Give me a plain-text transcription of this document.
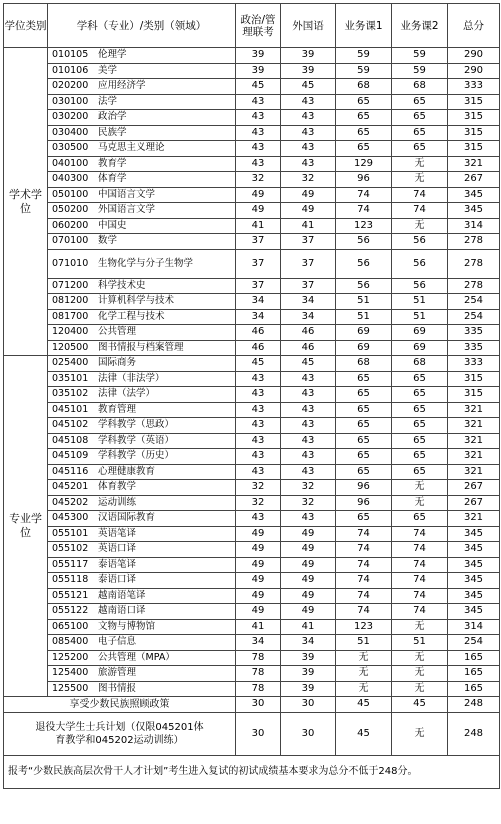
学位类别	学科（专业）/类别（领域）	政治/管理联考	外国语	业务课1	业务课2	总分
学术学位	010105 伦理学	39	39	59	59	290
	010106 美学	39	39	59	59	290
	020200 应用经济学	45	45	68	68	333
	030100 法学	43	43	65	65	315
	030200 政治学	43	43	65	65	315
	030400 民族学	43	43	65	65	315
	030500 马克思主义理论	43	43	65	65	315
	040100 教育学	43	43	129	无	321
	040300 体育学	32	32	96	无	267
	050100 中国语言文学	49	49	74	74	345
	050200 外国语言文学	49	49	74	74	345
	060200 中国史	41	41	123	无	314
	070100 数学	37	37	56	56	278
	071010 生物化学与分子生物学	37	37	56	56	278
	071200 科学技术史	37	37	56	56	278
	081200 计算机科学与技术	34	34	51	51	254
	081700 化学工程与技术	34	34	51	51	254
	120400 公共管理	46	46	69	69	335
	120500 图书情报与档案管理	46	46	69	69	335
专业学位	025400 国际商务	45	45	68	68	333
	035101 法律（非法学）	43	43	65	65	315
	035102 法律（法学）	43	43	65	65	315
	045101 教育管理	43	43	65	65	321
	045102 学科教学（思政）	43	43	65	65	321
	045108 学科教学（英语）	43	43	65	65	321
	045109 学科教学（历史）	43	43	65	65	321
	045116 心理健康教育	43	43	65	65	321
	045201 体育教学	32	32	96	无	267
	045202 运动训练	32	32	96	无	267
	045300 汉语国际教育	43	43	65	65	321
	055101 英语笔译	49	49	74	74	345
	055102 英语口译	49	49	74	74	345
	055117 泰语笔译	49	49	74	74	345
	055118 泰语口译	49	49	74	74	345
	055121 越南语笔译	49	49	74	74	345
	055122 越南语口译	49	49	74	74	345
	065100 文物与博物馆	41	41	123	无	314
	085400 电子信息	34	34	51	51	254
	125200 公共管理（MPA）	78	39	无	无	165
	125400 旅游管理	78	39	无	无	165
	125500 图书情报	78	39	无	无	165
享受少数民族照顾政策		30	30	45	45	248
退役大学生士兵计划（仅限045201体育教学和045202运动训练）		30	30	45	无	248
报考“少数民族高层次骨干人才计划”考生进入复试的初试成绩基本要求为总分不低于248分。						
